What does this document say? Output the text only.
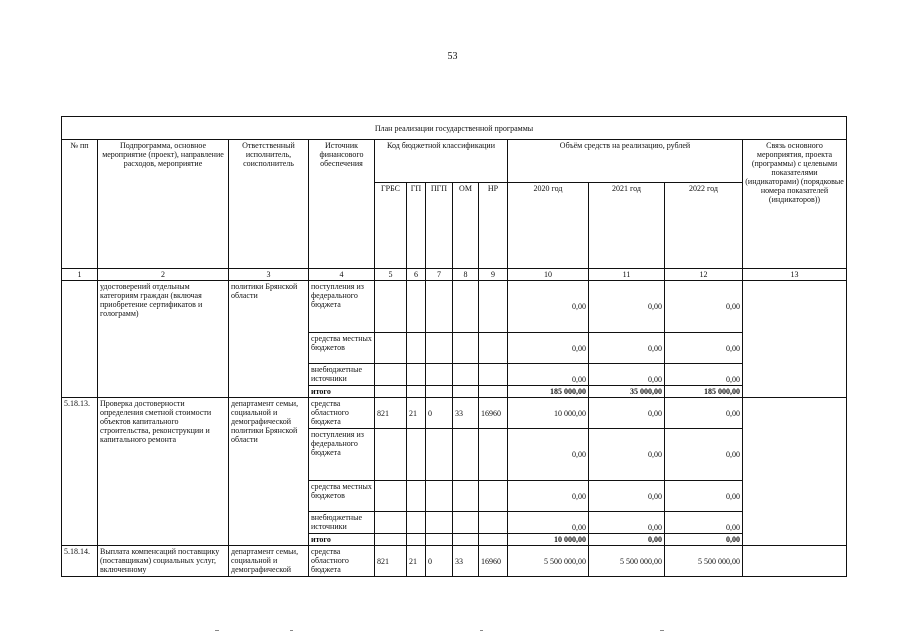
53
План реализации государственной программы												
№ пп	Подпрограмма, основное мероприятие (проект), направление расходов, мероприятие	Ответственный исполнитель, соисполнитель	Источник финансового обеспечения	Код бюджетной классификации					Объём средств на реализацию, рублей			Связь основного мероприятия, проекта (программы) с целевыми показателями (индикаторами) (порядковые номера показателей (индикаторов))
				ГРБС	ГП	ПГП	ОМ	НР	2020 год	2021 год	2022 год	
1	2	3	4	5	6	7	8	9	10	11	12	13
	удостоверений отдельным категориям граждан (включая приобретение сертификатов и голограмм)	политики Брянской области	поступления из федерального бюджета						0,00	0,00	0,00	
			средства местных бюджетов						0,00	0,00	0,00	
			внебюджетные источники						0,00	0,00	0,00	
			итого						185 000,00	35 000,00	185 000,00	
5.18.13.	Проверка достоверности определения сметной стоимости объектов капитального строительства, реконструкции и капитального ремонта	департамент семьи, социальной и демографической политики Брянской области	средства областного бюджета	821	21	0	33	16960	10 000,00	0,00	0,00	
			поступления из федерального бюджета						0,00	0,00	0,00	
			средства местных бюджетов						0,00	0,00	0,00	
			внебюджетные источники						0,00	0,00	0,00	
			итого						10 000,00	0,00	0,00	
5.18.14.	Выплата компенсаций поставщику (поставщикам) социальных услуг, включенному	департамент семьи, социальной и демографической	средства областного бюджета	821	21	0	33	16960	5 500 000,00	5 500 000,00	5 500 000,00	
